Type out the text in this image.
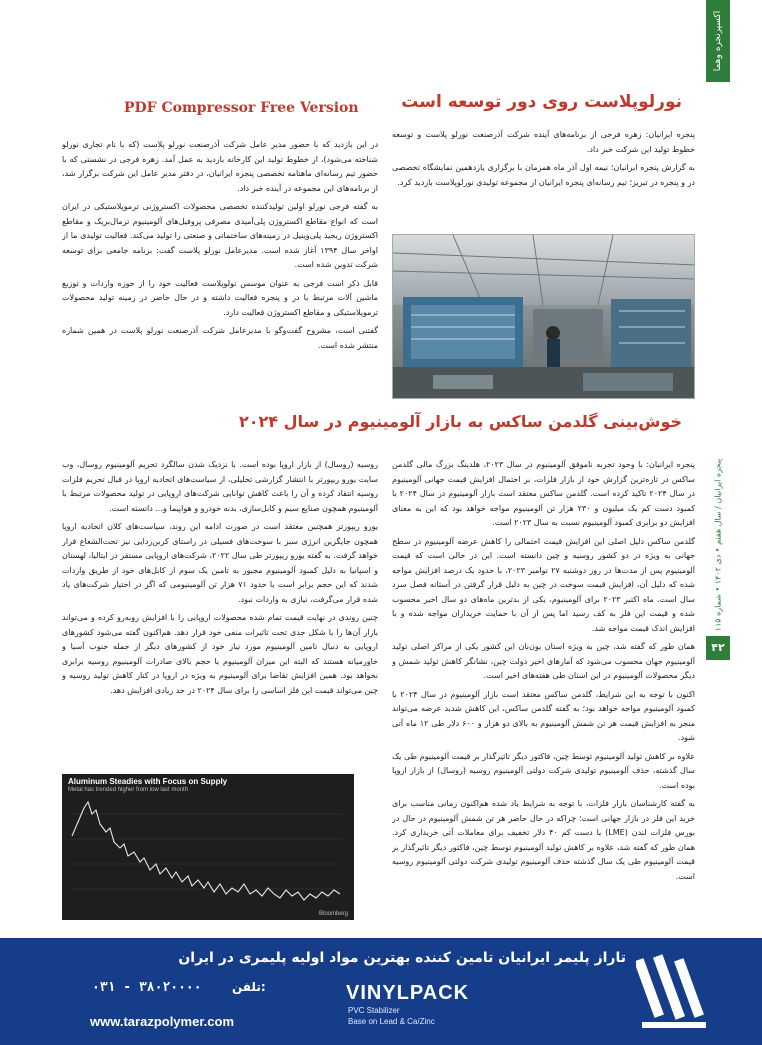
PDF Compressor Free Version
اکسپرنجره وهما
پنجره ایرانیان / سال هفتم • دی ۱۴۰۲ • شماره ۱۱۵
۴۲
نورلوپلاست روی دور توسعه است

پنجره ایرانیان: زهره فرجی از برنامه‌های آینده شرکت آذرصنعت نورلو پلاست و توسعه خطوط تولید این شرکت خبر داد.

به گزارش پنجره ایرانیان؛ نیمه اول آذر ماه همزمان با برگزاری یازدهمین نمایشگاه تخصصی در و پنجره در تبریز؛ تیم رسانه‌ای پنجره ایرانیان از مجموعه تولیدی نورلوپلاست بازدید کرد.

در این بازدید که با حضور مدیر عامل شرکت آذرصنعت نورلو پلاست (که با نام تجاری نورلو شناخته می‌شود)، از خطوط تولید این کارخانه بازدید به عمل آمد. زهره فرجی در نشستی که با حضور تیم رسانه‌ای ماهنامه تخصصی پنجره ایرانیان، در دفتر مدیر عامل این شرکت برگزار شد، از برنامه‌های این مجموعه در آینده خبر داد.

به گفته فرجی نورلو اولین تولیدکننده تخصصی محصولات اکستروژنی ترموپلاستیکی در ایران است که انواع مقاطع اکستروژن پلی‌آمیدی مصرفی پروفیل‌های آلومینیوم ترمال‌بریک و مقاطع اکستروژن ریجید پلی‌وینیل در زمینه‌های ساختمانی و صنعتی را تولید می‌کند. فعالیت تولیدی ما از اواخر سال ۱۳۹۴ آغاز شده است. مدیرعامل نورلو پلاست گفت: برنامه جامعی برای توسعه شرکت تدوین شده است.

قابل ذکر است فرجی به عنوان موسس نولوپلاست فعالیت خود را از حوزه واردات و توزیع ماشین آلات مرتبط با در و پنجره فعالیت داشته و در حال حاضر در زمینه تولید محصولات ترموپلاستیکی و مقاطع اکستروژن فعالیت دارد.

گفتنی است، مشروح گفت‌وگو با مدیرعامل شرکت آذرصنعت نورلو پلاست در همین شماره منتشر شده است.

خوش‌بینی گلدمن ساکس به بازار آلومینیوم در سال ۲۰۲۴

پنجره ایرانیان: با وجود تجربه ناموفق آلومینیوم در سال ۲۰۲۳، هلدینگ بزرگ مالی گلدمن ساکس در تازه‌ترین گزارش خود از بازار فلزات، بر احتمال افزایش قیمت جهانی آلومینیوم در سال ۲۰۲۴ تاکید کرده است. گلدمن ساکس معتقد است بازار آلومینیوم در سال ۲۰۲۴ با کمبود دست کم یک میلیون و ۲۳۰ هزار تن آلومینیوم مواجه خواهد بود که این به معنای افزایش دو برابری کمبود آلومینیوم نسبت به سال ۲۰۲۳ است.

گلدمن ساکس دلیل اصلی این افزایش قیمت احتمالی را کاهش عرضه آلومینیوم در سطح جهانی به ویژه در دو کشور روسیه و چین دانسته است. این در حالی است که قیمت آلومینیوم پس از مدت‌ها در روز دوشنبه ۲۷ نوامبر ۲۰۲۳، با حدود یک درصد افزایش مواجه شده که دلیل آن، افزایش قیمت سوخت در چین به دلیل قرار گرفتن در آستانه فصل سرد سال است. ماه اکتبر ۲۰۲۳ برای آلومینیوم، یکی از بدترین ماه‌های دو سال اخیر محسوب شده و قیمت این فلز به کف رسید اما پس از آن با حمایت خریداران مواجه شده و با افزایش اندک قیمت مواجه شد.

همان طور که گفته شد، چین به ویژه استان یون‌نان این کشور یکی از مراکز اصلی تولید آلومینیوم جهان محسوب می‌شود که آمارهای اخیر دولت چین، نشانگر کاهش تولید شمش و دیگر محصولات آلومینیوم در این استان طی هفته‌های اخیر است.

اکنون با توجه به این شرایط، گلدمن ساکس معتقد است بازار آلومینیوم در سال ۲۰۲۴ با کمبود آلومینیوم مواجه خواهد بود؛ به گفته گلدمن ساکس، این کاهش شدید عرضه می‌تواند منجر به افزایش قیمت هر تن شمش آلومینیوم به بالای دو هزار و ۶۰۰ دلار طی ۱۲ ماه آتی شود.

علاوه بر کاهش تولید آلومینیوم توسط چین، فاکتور دیگر تاثیرگذار بر قیمت آلومینیوم طی یک سال گذشته، حذف آلومینیوم تولیدی شرکت دولتی آلومینیوم روسیه (روسال) از بازار اروپا بوده است.

به گفته کارشناسان بازار فلزات، با توجه به شرایط یاد شده هم‌اکنون زمانی مناسب برای خرید این فلز در بازار جهانی است؛ چراکه در حال حاضر هر تن شمش آلومینیوم در حال در بورس فلزات لندن (LME) با دست کم ۴۰ دلار تخفیف برای معاملات آتی خریداری کرد. همان طور که گفته شد، علاوه بر کاهش تولید آلومینیوم توسط چین، فاکتور دیگر تاثیرگذار بر قیمت آلومینیوم طی یک سال گذشته حذف آلومینیوم تولیدی شرکت دولتی آلومینیوم روسیه است.

روسیه (روسال) از بازار اروپا بوده است. با نزدیک شدن سالگرد تحریم آلومینیوم روسال، وب سایت یورو ریپورتر با انتشار گزارشی تحلیلی، از سیاست‌های اتحادیه اروپا در قبال تحریم فلزات روسیه انتقاد کرده و آن را باعث کاهش توانایی شرکت‌های اروپایی در تولید محصولات مرتبط با آلومینیوم همچون صنایع سیم و کابل‌سازی، بدنه خودرو و هواپیما و... دانسته است.

یورو ریپورتر همچنین معتقد است در صورت ادامه این روند، سیاست‌های کلان اتحادیه اروپا همچون جایگزین انرژی سبز با سوخت‌های فسیلی در راستای کربن‌زدایی نیز تحت‌الشعاع قرار خواهد گرفت. به گفته یورو ریپورتر طی سال ۲۰۲۲، شرکت‌های اروپایی مستقر در ایتالیا، لهستان و اسپانیا به دلیل کمبود آلومینیوم مجبور به تامین یک سوم از کابل‌های خود از طریق واردات شدند که این حجم برابر است با حدود ۷۱ هزار تن آلومینیومی که اگر در اختیار شرکت‌های یاد شده قرار می‌گرفت، نیازی به واردات نبود.

چنین روندی در نهایت قیمت تمام شده محصولات اروپایی را با افزایش روبه‌رو کرده و می‌تواند بازار آن‌ها را با شکل جدی تحت تاثیرات منفی خود قرار دهد. هم‌اکنون گفته می‌شود کشورهای اروپایی به دنبال تامین آلومینیوم مورد نیاز خود از کشورهای دیگر از جمله جنوب آسیا و خاورمیانه هستند که البته این میزان آلومینیوم با حجم بالای صادرات آلومینیوم روسیه برابری نخواهد بود. همین افزایش تقاضا برای آلومینیوم به ویژه در اروپا در کنار کاهش تولید روسیه و چین می‌تواند قیمت این فلز اساسی را برای سال ۲۰۲۴ در حد زیادی افزایش دهد.

Aluminum Steadies with Focus on Supply
Metal has trended higher from low last month
Bloomberg
تاراز پلیمر ایرانیان تامین کننده بهترین مواد اولیه پلیمری در ایران
تلفن:
۰۳۱ - ۳۸۰۲۰۰۰۰	VINYLPACK
PVC Stabilizer
Base on Lead & Ca/Zinc
www.tarazpolymer.com
